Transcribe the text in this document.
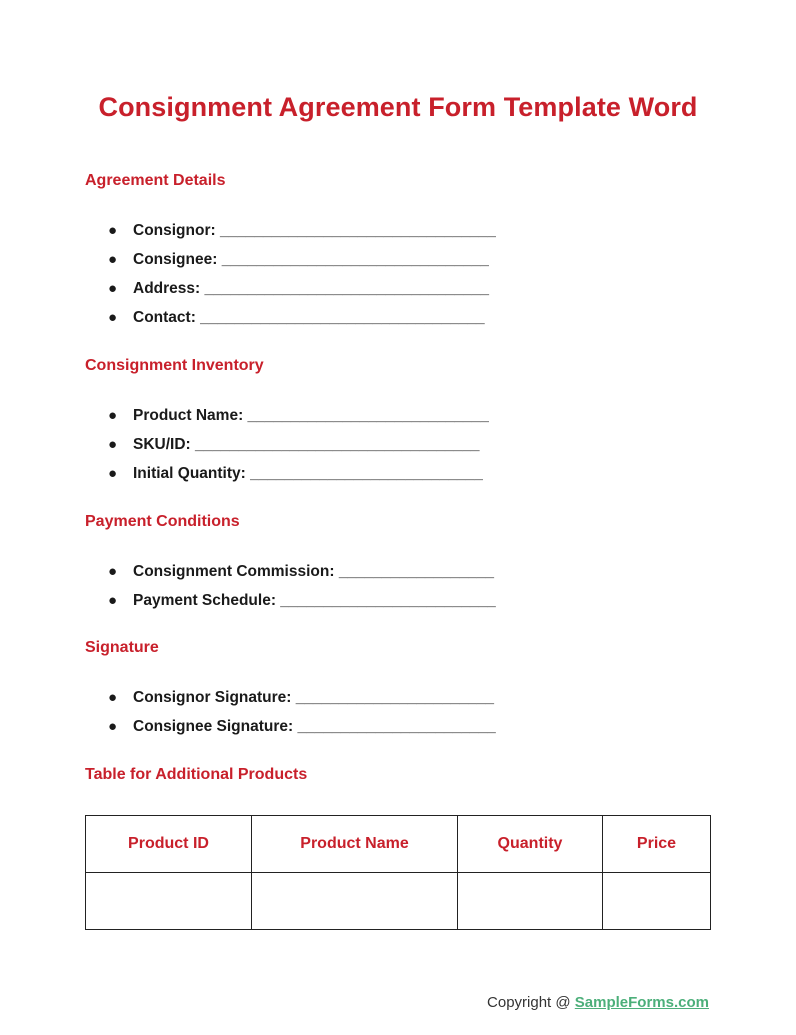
Consignment Agreement Form Template Word
Agreement Details
● Consignor: ________________________________
● Consignee: _______________________________
● Address: _________________________________
● Contact: _________________________________
Consignment Inventory
● Product Name: ____________________________
● SKU/ID: _________________________________
● Initial Quantity: ___________________________
Payment Conditions
● Consignment Commission: __________________
● Payment Schedule: _________________________
Signature
● Consignor Signature: _______________________
● Consignee Signature: _______________________
Table for Additional Products
Product ID	Product Name	Quantity	Price

Copyright @ SampleForms.com
